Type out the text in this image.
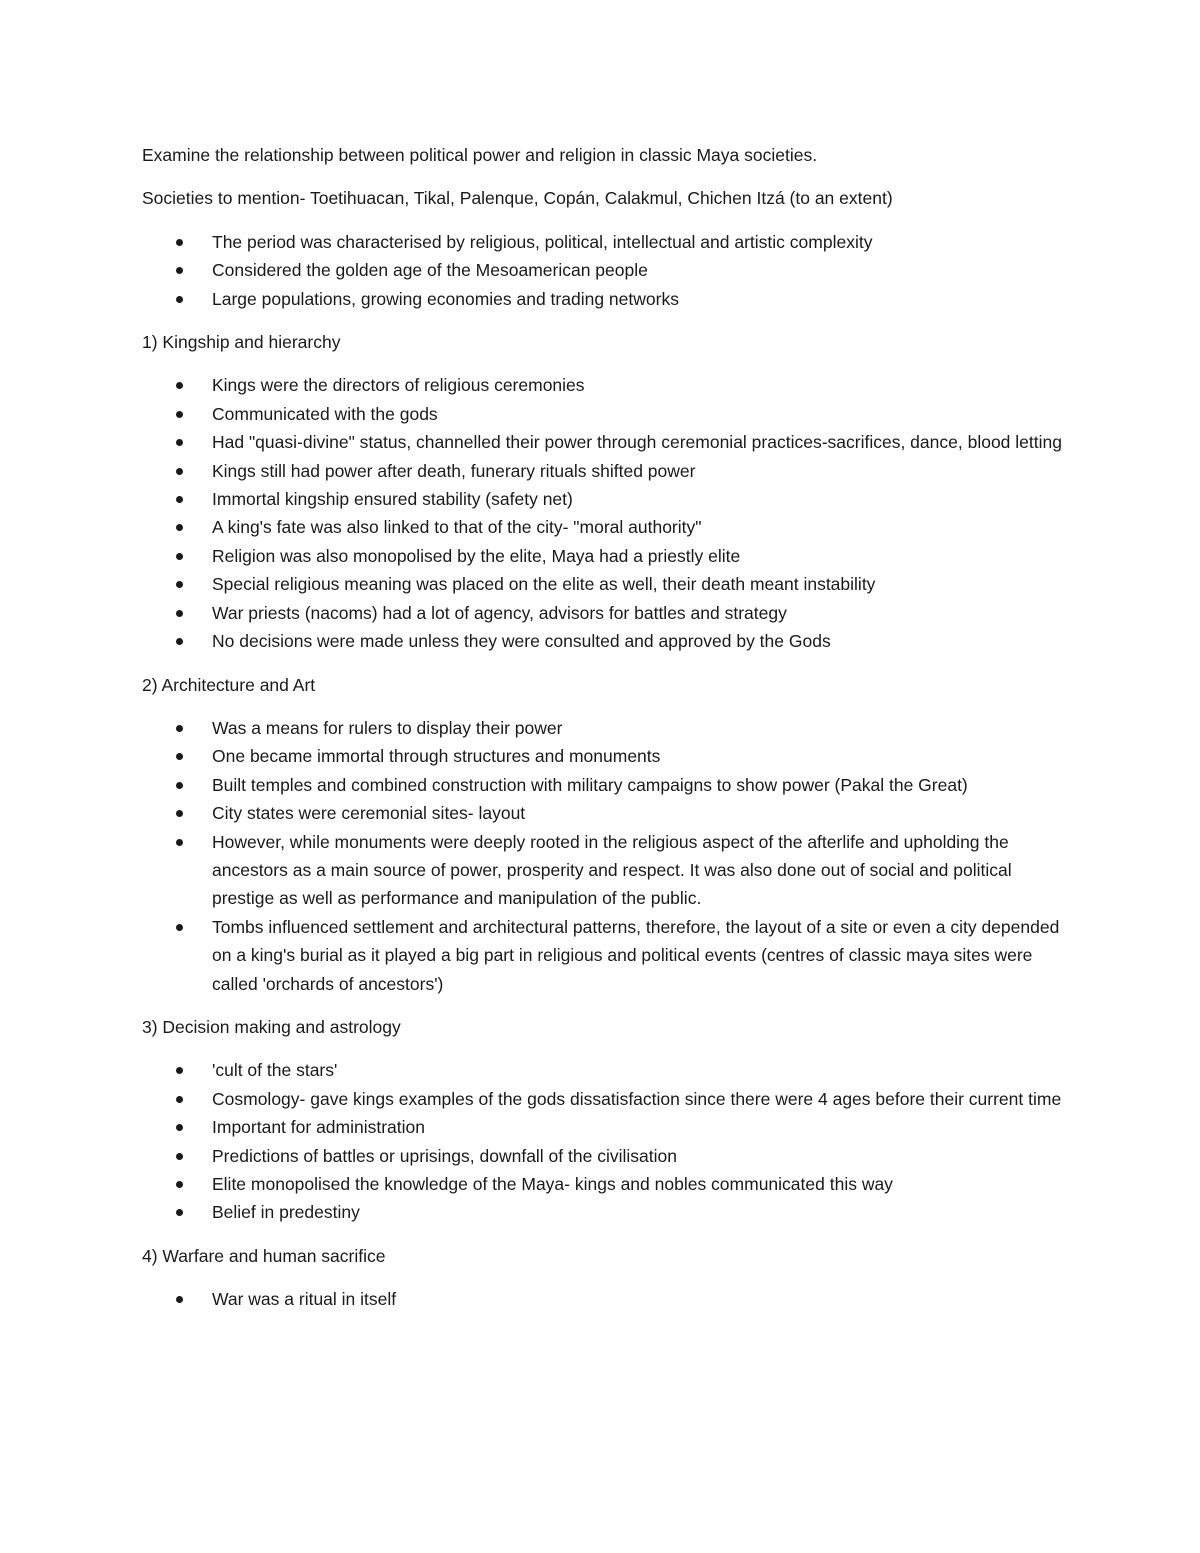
Examine the relationship between political power and religion in classic Maya societies.

Societies to mention- Toetihuacan, Tikal, Palenque, Copán, Calakmul, Chichen Itzá (to an extent)

The period was characterised by religious, political, intellectual and artistic complexity
Considered the golden age of the Mesoamerican people
Large populations, growing economies and trading networks

1) Kingship and hierarchy

Kings were the directors of religious ceremonies
Communicated with the gods
Had "quasi-divine" status, channelled their power through ceremonial practices-sacrifices, dance, blood letting
Kings still had power after death, funerary rituals shifted power
Immortal kingship ensured stability (safety net)
A king's fate was also linked to that of the city- "moral authority"
Religion was also monopolised by the elite, Maya had a priestly elite
Special religious meaning was placed on the elite as well, their death meant instability
War priests (nacoms) had a lot of agency, advisors for battles and strategy
No decisions were made unless they were consulted and approved by the Gods

2) Architecture and Art

Was a means for rulers to display their power
One became immortal through structures and monuments
Built temples and combined construction with military campaigns to show power (Pakal the Great)
City states were ceremonial sites- layout
However, while monuments were deeply rooted in the religious aspect of the afterlife and upholding the ancestors as a main source of power, prosperity and respect. It was also done out of social and political prestige as well as performance and manipulation of the public.
Tombs influenced settlement and architectural patterns, therefore, the layout of a site or even a city depended on a king's burial as it played a big part in religious and political events (centres of classic maya sites were called 'orchards of ancestors')

3) Decision making and astrology

'cult of the stars'
Cosmology- gave kings examples of the gods dissatisfaction since there were 4 ages before their current time
Important for administration
Predictions of battles or uprisings, downfall of the civilisation
Elite monopolised the knowledge of the Maya- kings and nobles communicated this way
Belief in predestiny

4) Warfare and human sacrifice

War was a ritual in itself
